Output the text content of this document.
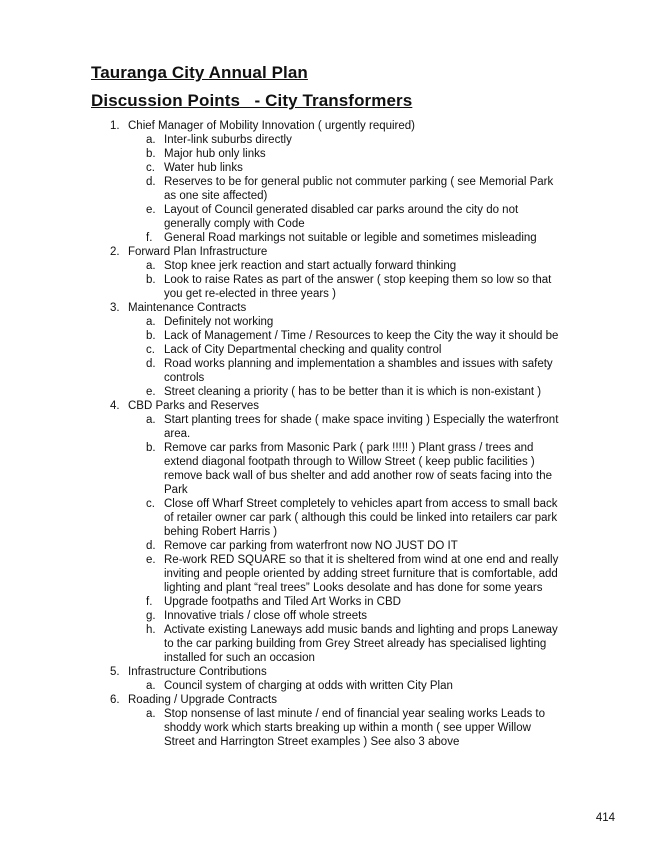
Tauranga City Annual Plan
Discussion Points   - City Transformers
1. Chief Manager of Mobility Innovation ( urgently required)
a. Inter-link suburbs directly
b. Major hub only links
c. Water hub links
d. Reserves to be for general public not commuter parking ( see Memorial Park as one site affected)
e. Layout of Council generated disabled car parks around the city do not generally comply with Code
f. General Road markings not suitable or legible and sometimes misleading
2. Forward Plan Infrastructure
a. Stop knee jerk reaction and start actually forward thinking
b. Look to raise Rates as part of the answer ( stop keeping them so low so that you get re-elected in three years )
3. Maintenance Contracts
a. Definitely not working
b. Lack of Management / Time / Resources to keep the City the way it should be
c. Lack of City Departmental checking and quality control
d. Road works planning and implementation a shambles and issues with safety controls
e. Street cleaning a priority ( has to be better than it is which is non-existant )
4. CBD Parks and Reserves
a. Start planting trees for shade ( make space inviting ) Especially the waterfront area.
b. Remove car parks from Masonic Park ( park !!!!! ) Plant grass / trees and extend diagonal footpath through to Willow Street ( keep public facilities ) remove back wall of bus shelter and add another row of seats facing into the Park
c. Close off Wharf Street completely to vehicles apart from access to small back of retailer owner car park ( although this could be linked into retailers car park behing Robert Harris )
d. Remove car parking from waterfront now NO JUST DO IT
e. Re-work RED SQUARE so that it is sheltered from wind at one end and really inviting and people oriented by adding street furniture that is comfortable, add lighting and plant “real trees” Looks desolate and has done for some years
f. Upgrade footpaths and Tiled Art Works in CBD
g. Innovative trials / close off whole streets
h. Activate existing Laneways add music bands and lighting and props Laneway to the car parking building from Grey Street already has specialised lighting installed for such an occasion
5. Infrastructure Contributions
a. Council system of charging at odds with written City Plan
6. Roading / Upgrade Contracts
a. Stop nonsense of last minute / end of financial year sealing works Leads to shoddy work which starts breaking up within a month ( see upper Willow Street and Harrington Street examples ) See also 3 above
414
